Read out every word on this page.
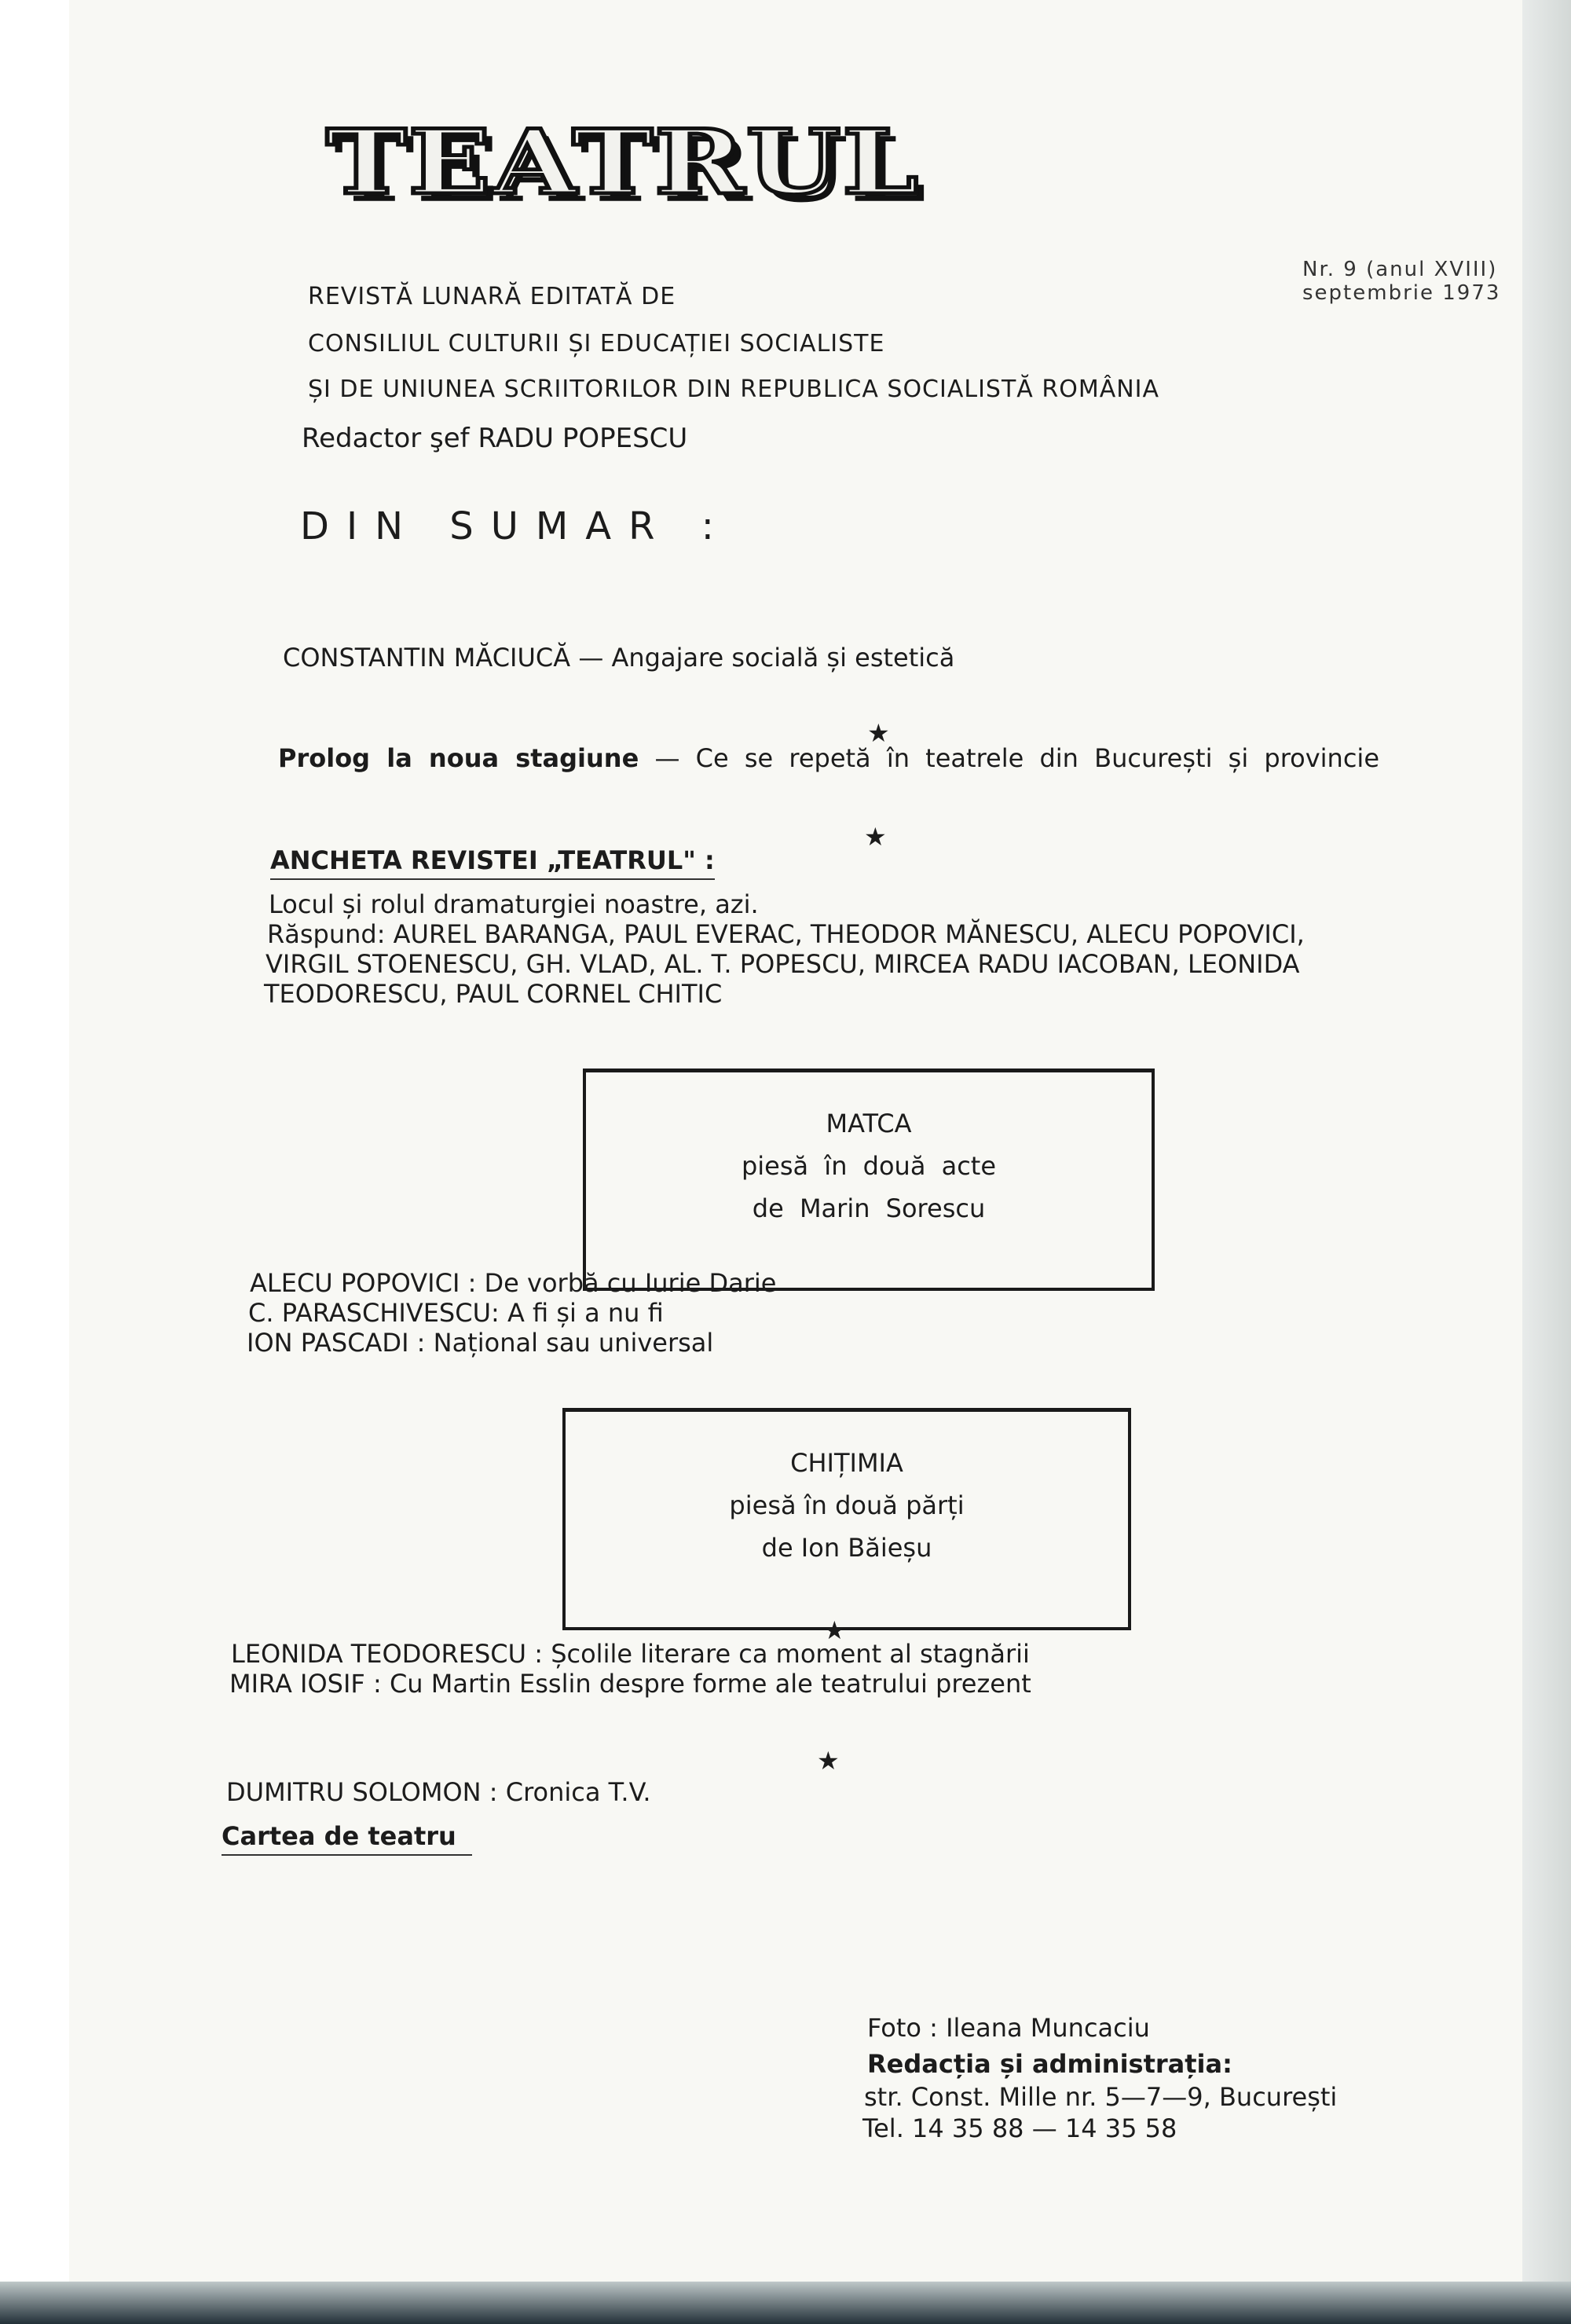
TEATRUL
Nr. 9 (anul XVIII)
septembrie 1973
REVISTĂ LUNARĂ EDITATĂ DE
CONSILIUL CULTURII ȘI EDUCAȚIEI SOCIALISTE
ȘI DE UNIUNEA SCRIITORILOR DIN REPUBLICA SOCIALISTĂ ROMÂNIA
Redactor şef RADU POPESCU
DIN SUMAR :
CONSTANTIN MĂCIUCĂ — Angajare socială și estetică
★
Prolog la noua stagiune — Ce se repetă în teatrele din București și provincie
★
ANCHETA REVISTEI „TEATRUL" :
Locul și rolul dramaturgiei noastre, azi.
Răspund: AUREL BARANGA, PAUL EVERAC, THEODOR MĂNESCU, ALECU POPOVICI,
VIRGIL STOENESCU, GH. VLAD, AL. T. POPESCU, MIRCEA RADU IACOBAN, LEONIDA
TEODORESCU, PAUL CORNEL CHITIC
MATCA
piesă în două acte
de Marin Sorescu
ALECU POPOVICI : De vorbă cu Iurie Darie
C. PARASCHIVESCU: A fi și a nu fi
ION PASCADI : Național sau universal
CHIȚIMIA
piesă în două părți
de Ion Băieșu
★
LEONIDA TEODORESCU : Școlile literare ca moment al stagnării
MIRA IOSIF : Cu Martin Esslin despre forme ale teatrului prezent
★
DUMITRU SOLOMON : Cronica T.V.
Cartea de teatru
Foto : Ileana Muncaciu
Redacția și administrația:
str. Const. Mille nr. 5—7—9, București
Tel. 14 35 88 — 14 35 58
